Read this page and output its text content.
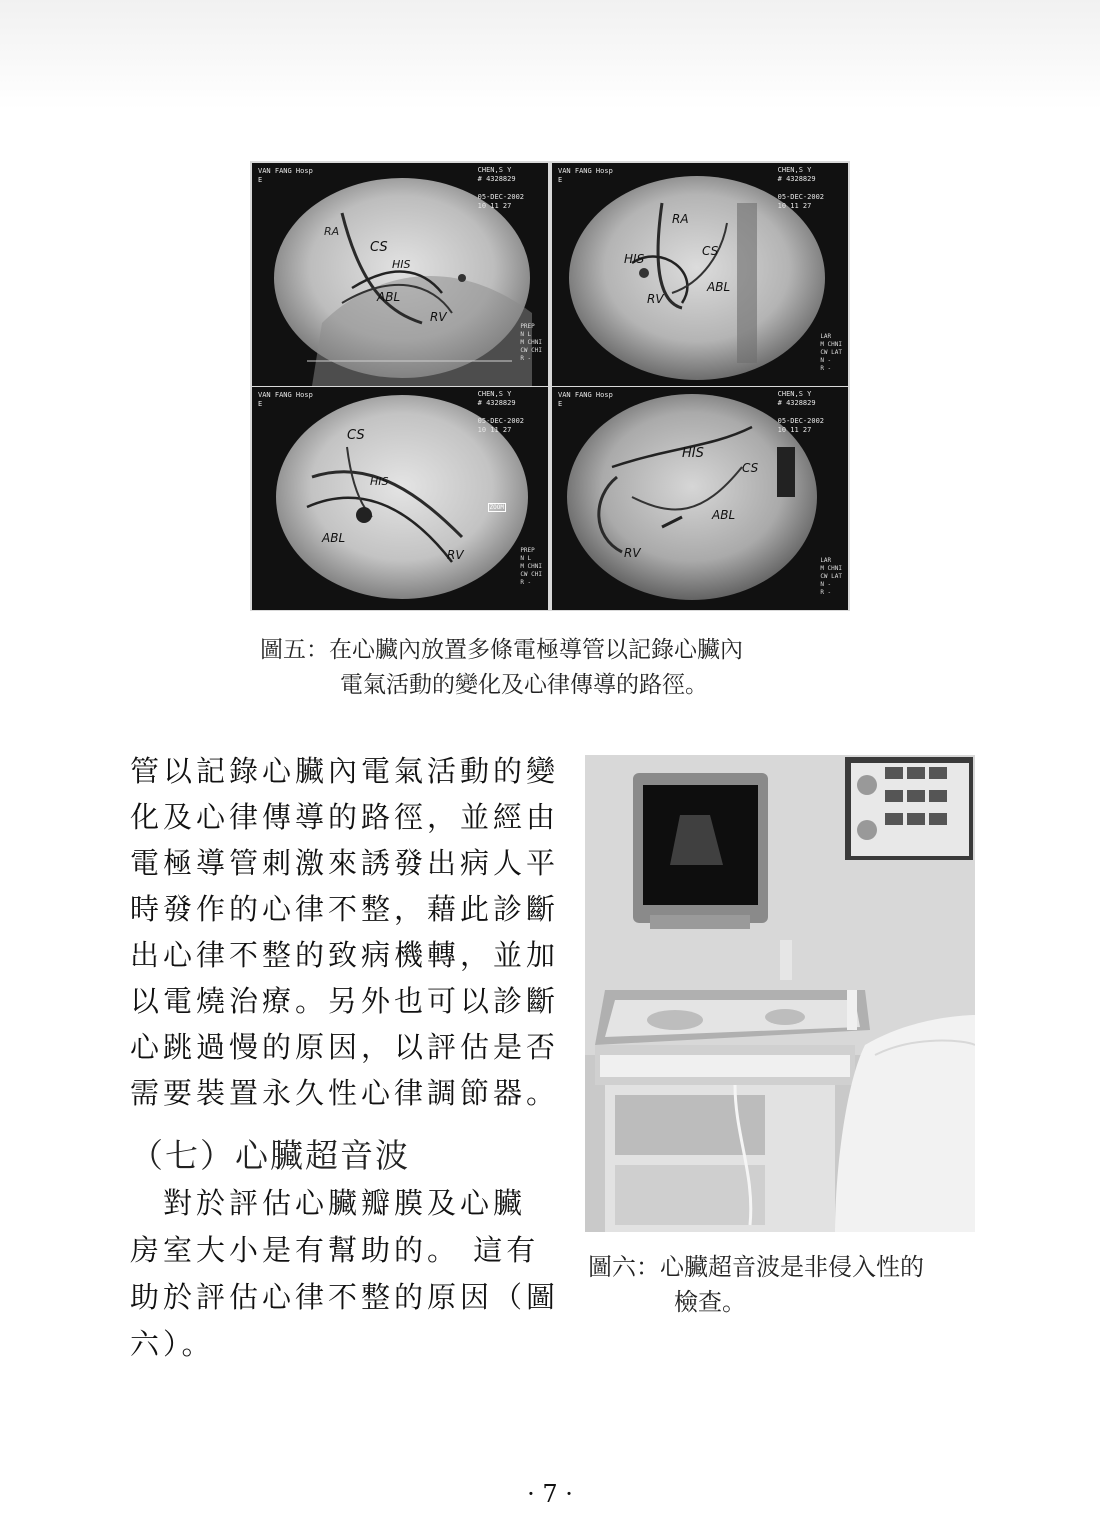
CS
HIS
ABL
RV
RA
VAN FANG Hosp
E
CHEN,S Y
# 4328829

05-DEC-2002
10 11 27
PREP
N L
M CHNI
CW CHI
R -
RA
HIS
CS
RV
ABL
VAN FANG Hosp
E
CHEN,S Y
# 4328829

05-DEC-2002
10 11 27
LAR
M CHNI
CW LAT
N -
R -
CS
HIS
ABL
RV
VAN FANG Hosp
E
CHEN,S Y
# 4328829

05-DEC-2002
10 11 27
ZOOM
PREP
N L
M CHNI
CW CHI
R -
HIS
CS
ABL
RV
VAN FANG Hosp
E
CHEN,S Y
# 4328829

05-DEC-2002
10 11 27
LAR
M CHNI
CW LAT
N -
R -
圖五：在心臟內放置多條電極導管以記錄心臟內
電氣活動的變化及心律傳導的路徑。
管以記錄心臟內電氣活動的變
化及心律傳導的路徑，並經由
電極導管刺激來誘發出病人平
時發作的心律不整，藉此診斷
出心律不整的致病機轉，並加
以電燒治療。另外也可以診斷
心跳過慢的原因，以評估是否
需要裝置永久性心律調節器。
（七）心臟超音波
　對於評估心臟瓣膜及心臟
房室大小是有幫助的。 這有
助於評估心律不整的原因（圖
六）。
圖六：心臟超音波是非侵入性的
檢查。
· 7 ·
